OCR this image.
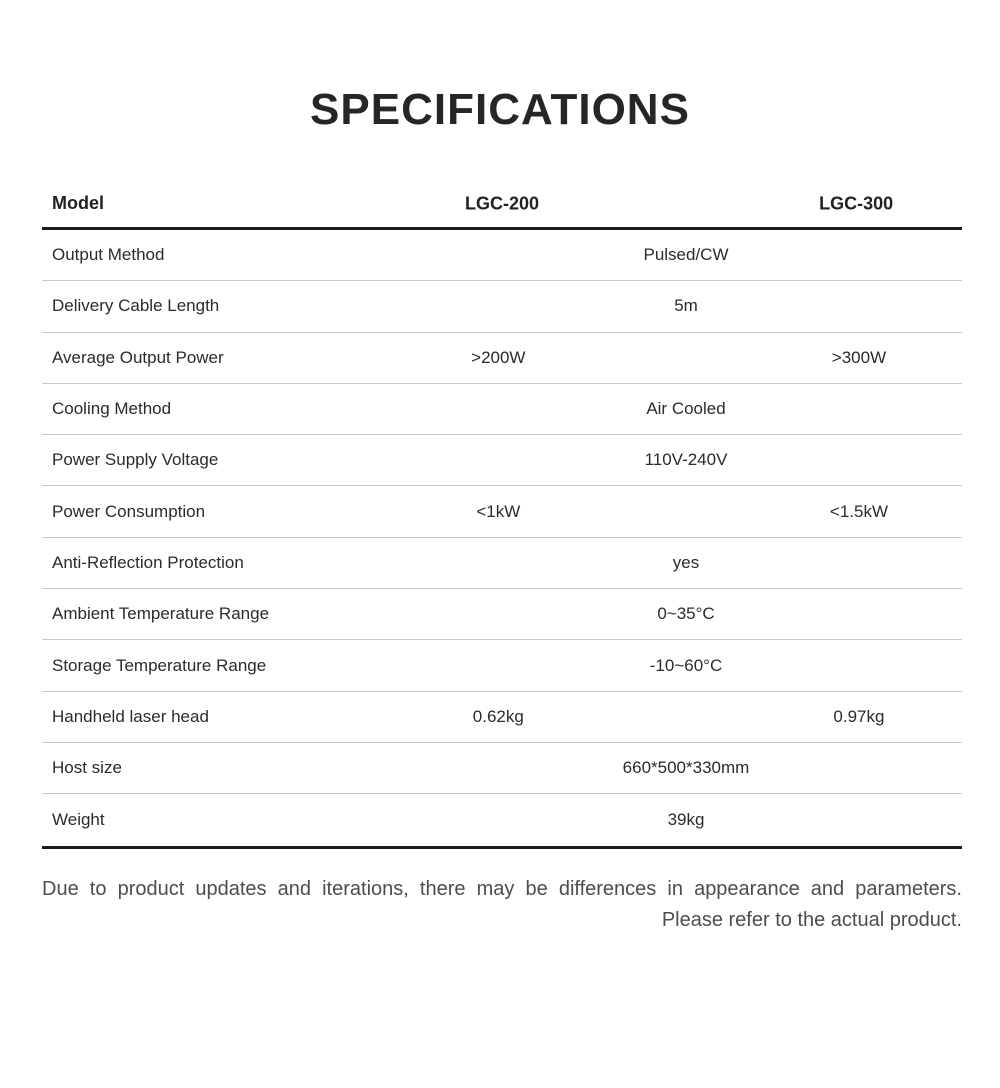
SPECIFICATIONS
Model	LGC-200	LGC-300
Output Method	Pulsed/CW
Delivery Cable Length	5m
Average Output Power	>200W	>300W
Cooling Method	Air Cooled
Power Supply Voltage	110V-240V
Power Consumption	<1kW	<1.5kW
Anti-Reflection Protection	yes
Ambient Temperature Range	0~35°C
Storage Temperature Range	-10~60°C
Handheld laser head	0.62kg	0.97kg
Host size	660*500*330mm
Weight	39kg
Due to product updates and iterations, there may be differences in appearance and parameters.
Please refer to the actual product.
